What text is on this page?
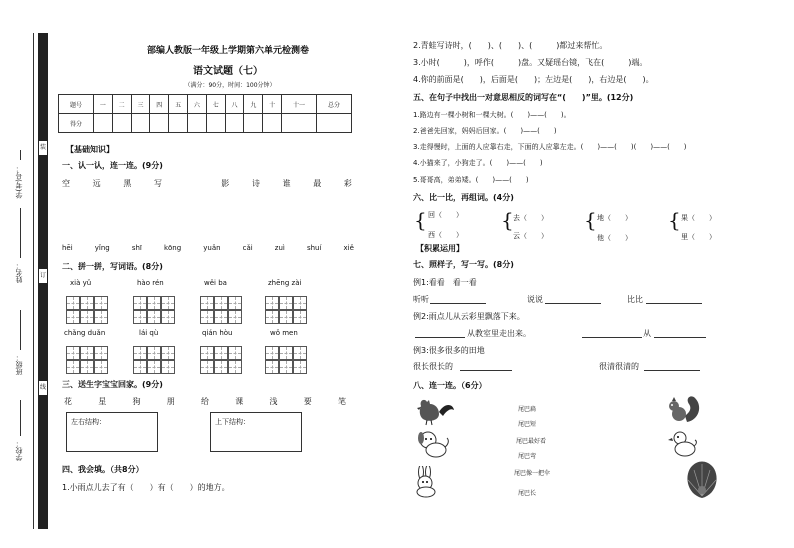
装
订
线
学校：
班级：
姓名：
学(考)号：
部编人教版一年级上学期第六单元检测卷
语文试题（七）
（满分：90分，时间：100分钟）
题号	一	二	三	四	五	六	七	八	九	十	十一	总分
得分												
【基础知识】
一、认一认，连一连。(9分)
空	远	黑	写	影	诗	谁	最	彩
hēi	yǐng	shī	kōng	yuǎn	cǎi	zuì	shuí	xiě
二、拼一拼，写词语。(8分)
xià yǔ	hào rén	wěi ba	zhēng zài
chǎng duǎn	lái qù	qián hòu	wǒ men
三、送生字宝宝回家。(9分)
花	星	狗	朋	给	课	浅	要	笔
左右结构：	上下结构：
四、我会填。（共8分）
1.小雨点儿去了有（　　）有（　　）的地方。
2.青蛙写诗时，(　　)、(　　)、(　　　)都过来帮忙。
3.小时(　　　)，呼作(　　　)盘。又疑瑶台镜，飞在(　　　)端。
4.你的前面是(　　)，后面是(　　)；左边是(　　)，右边是(　　)。
五、在句子中找出一对意思相反的词写在“(　　)”里。(12分)
1.路边有一棵小树和一棵大树。(　　)——(　　)。
2.爸爸先回家，妈妈后回家。(　　)——(　　)
3.走得慢时，上面的人应靠右走，下面的人应靠左走。(　　)——(　　)(　　)——(　　)
4.小猫来了，小狗走了。(　　)——(　　)
5.哥哥高，弟弟矮。(　　)——(　　)
六、比一比，再组词。(4分)
{ 回（　　）
西（　　）
{ 去（　　）
云（　　）
{ 地（　　）
他（　　）
{ 果（　　）
里（　　）
【积累运用】
七、照样子，写一写。(8分)
例1:看看　看一看
听听	说说	比比
例2:雨点儿从云彩里飘落下来。
从教室里走出来。	从
例3:很多很多的田地
很长很长的	很清很清的
八、连一连。（6分）
尾巴扁
尾巴短
尾巴最好看
尾巴弯
尾巴像一把伞
尾巴长
